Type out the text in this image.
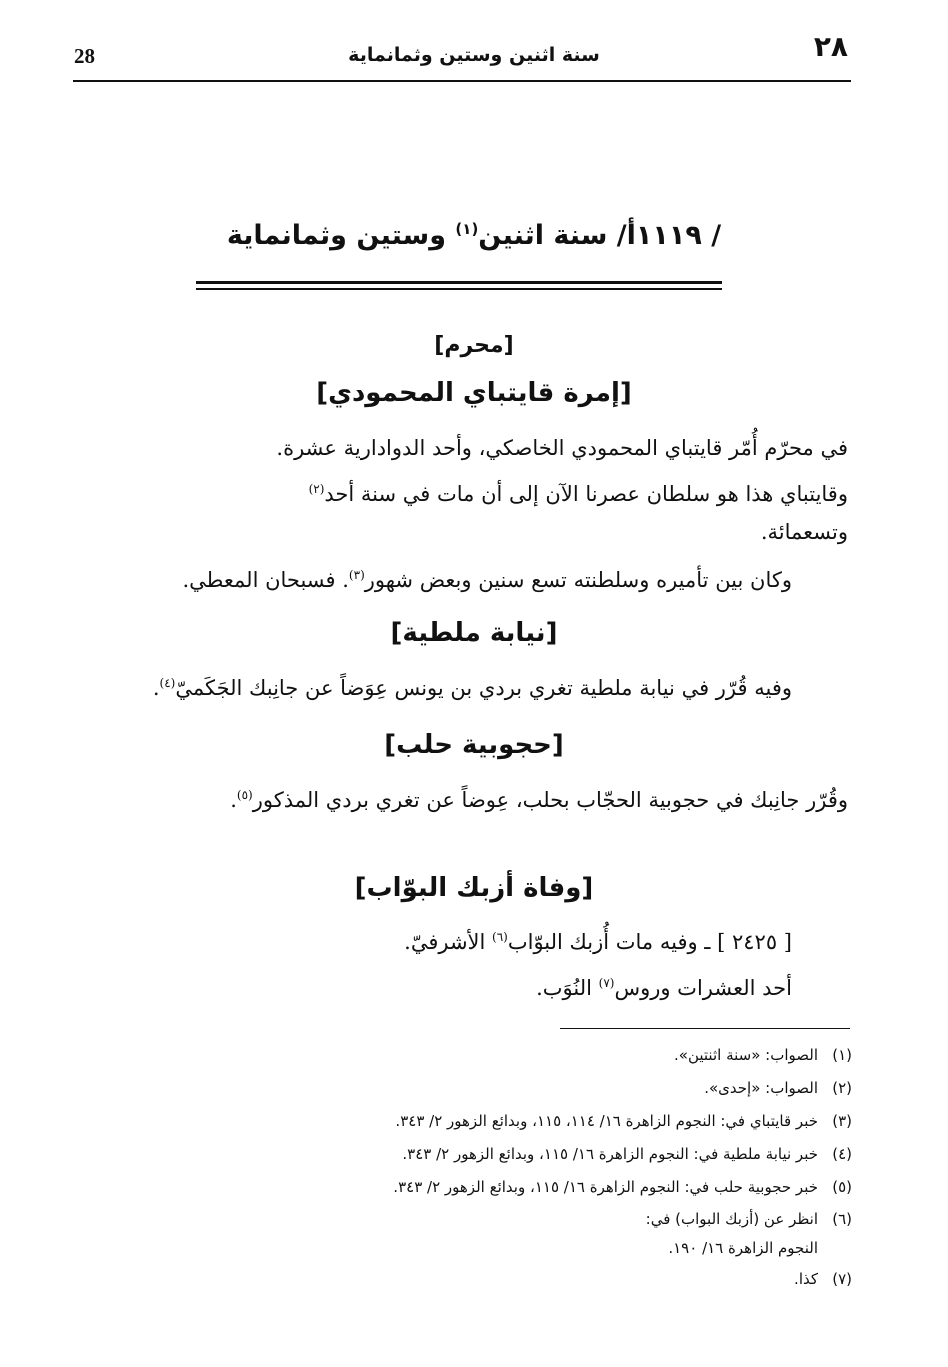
٢٨
سنة اثنين وستين وثمانماية
28
/ ١١١٩أ/ سنة اثنين$^{(١)}$ وستين وثمانماية
[محرم]
[إمرة قايتباي المحمودي]
في محرّم أُمّر قايتباي المحمودي الخاصكي، وأحد الدوادارية عشرة.
وقايتباي هذا هو سلطان عصرنا الآن إلى أن مات في سنة أحد$^{(٢)}$
وتسعمائة.
وكان بين تأميره وسلطنته تسع سنين وبعض شهور$^{(٣)}$. فسبحان المعطي.
[نيابة ملطية]
وفيه قُرّر في نيابة ملطية تغري بردي بن يونس عِوَضاً عن جانِبك الجَكَميّ$^{(٤)}$.
[حجوبية حلب]
وقُرّر جانِبك في حجوبية الحجّاب بحلب، عِوضاً عن تغري بردي المذكور$^{(٥)}$.
[وفاة أزبك البوّاب]
[ ٢٤٢٥ ] ـ وفيه مات أُزبك البوّاب$^{(٦)}$ الأشرفيّ.
أحد العشرات وروس$^{(٧)}$ النُوَب.
(١)الصواب: «سنة اثنتين».
(٢)الصواب: «إحدى».
(٣)خبر قايتباي في: النجوم الزاهرة ١٦/ ١١٤، ١١٥، وبدائع الزهور ٢/ ٣٤٣.
(٤)خبر نيابة ملطية في: النجوم الزاهرة ١٦/ ١١٥، وبدائع الزهور ٢/ ٣٤٣.
(٥)خبر حجوبية حلب في: النجوم الزاهرة ١٦/ ١١٥، وبدائع الزهور ٢/ ٣٤٣.
(٦)انظر عن (أزبك البواب) في:
النجوم الزاهرة ١٦/ ١٩٠.
(٧)كذا.
